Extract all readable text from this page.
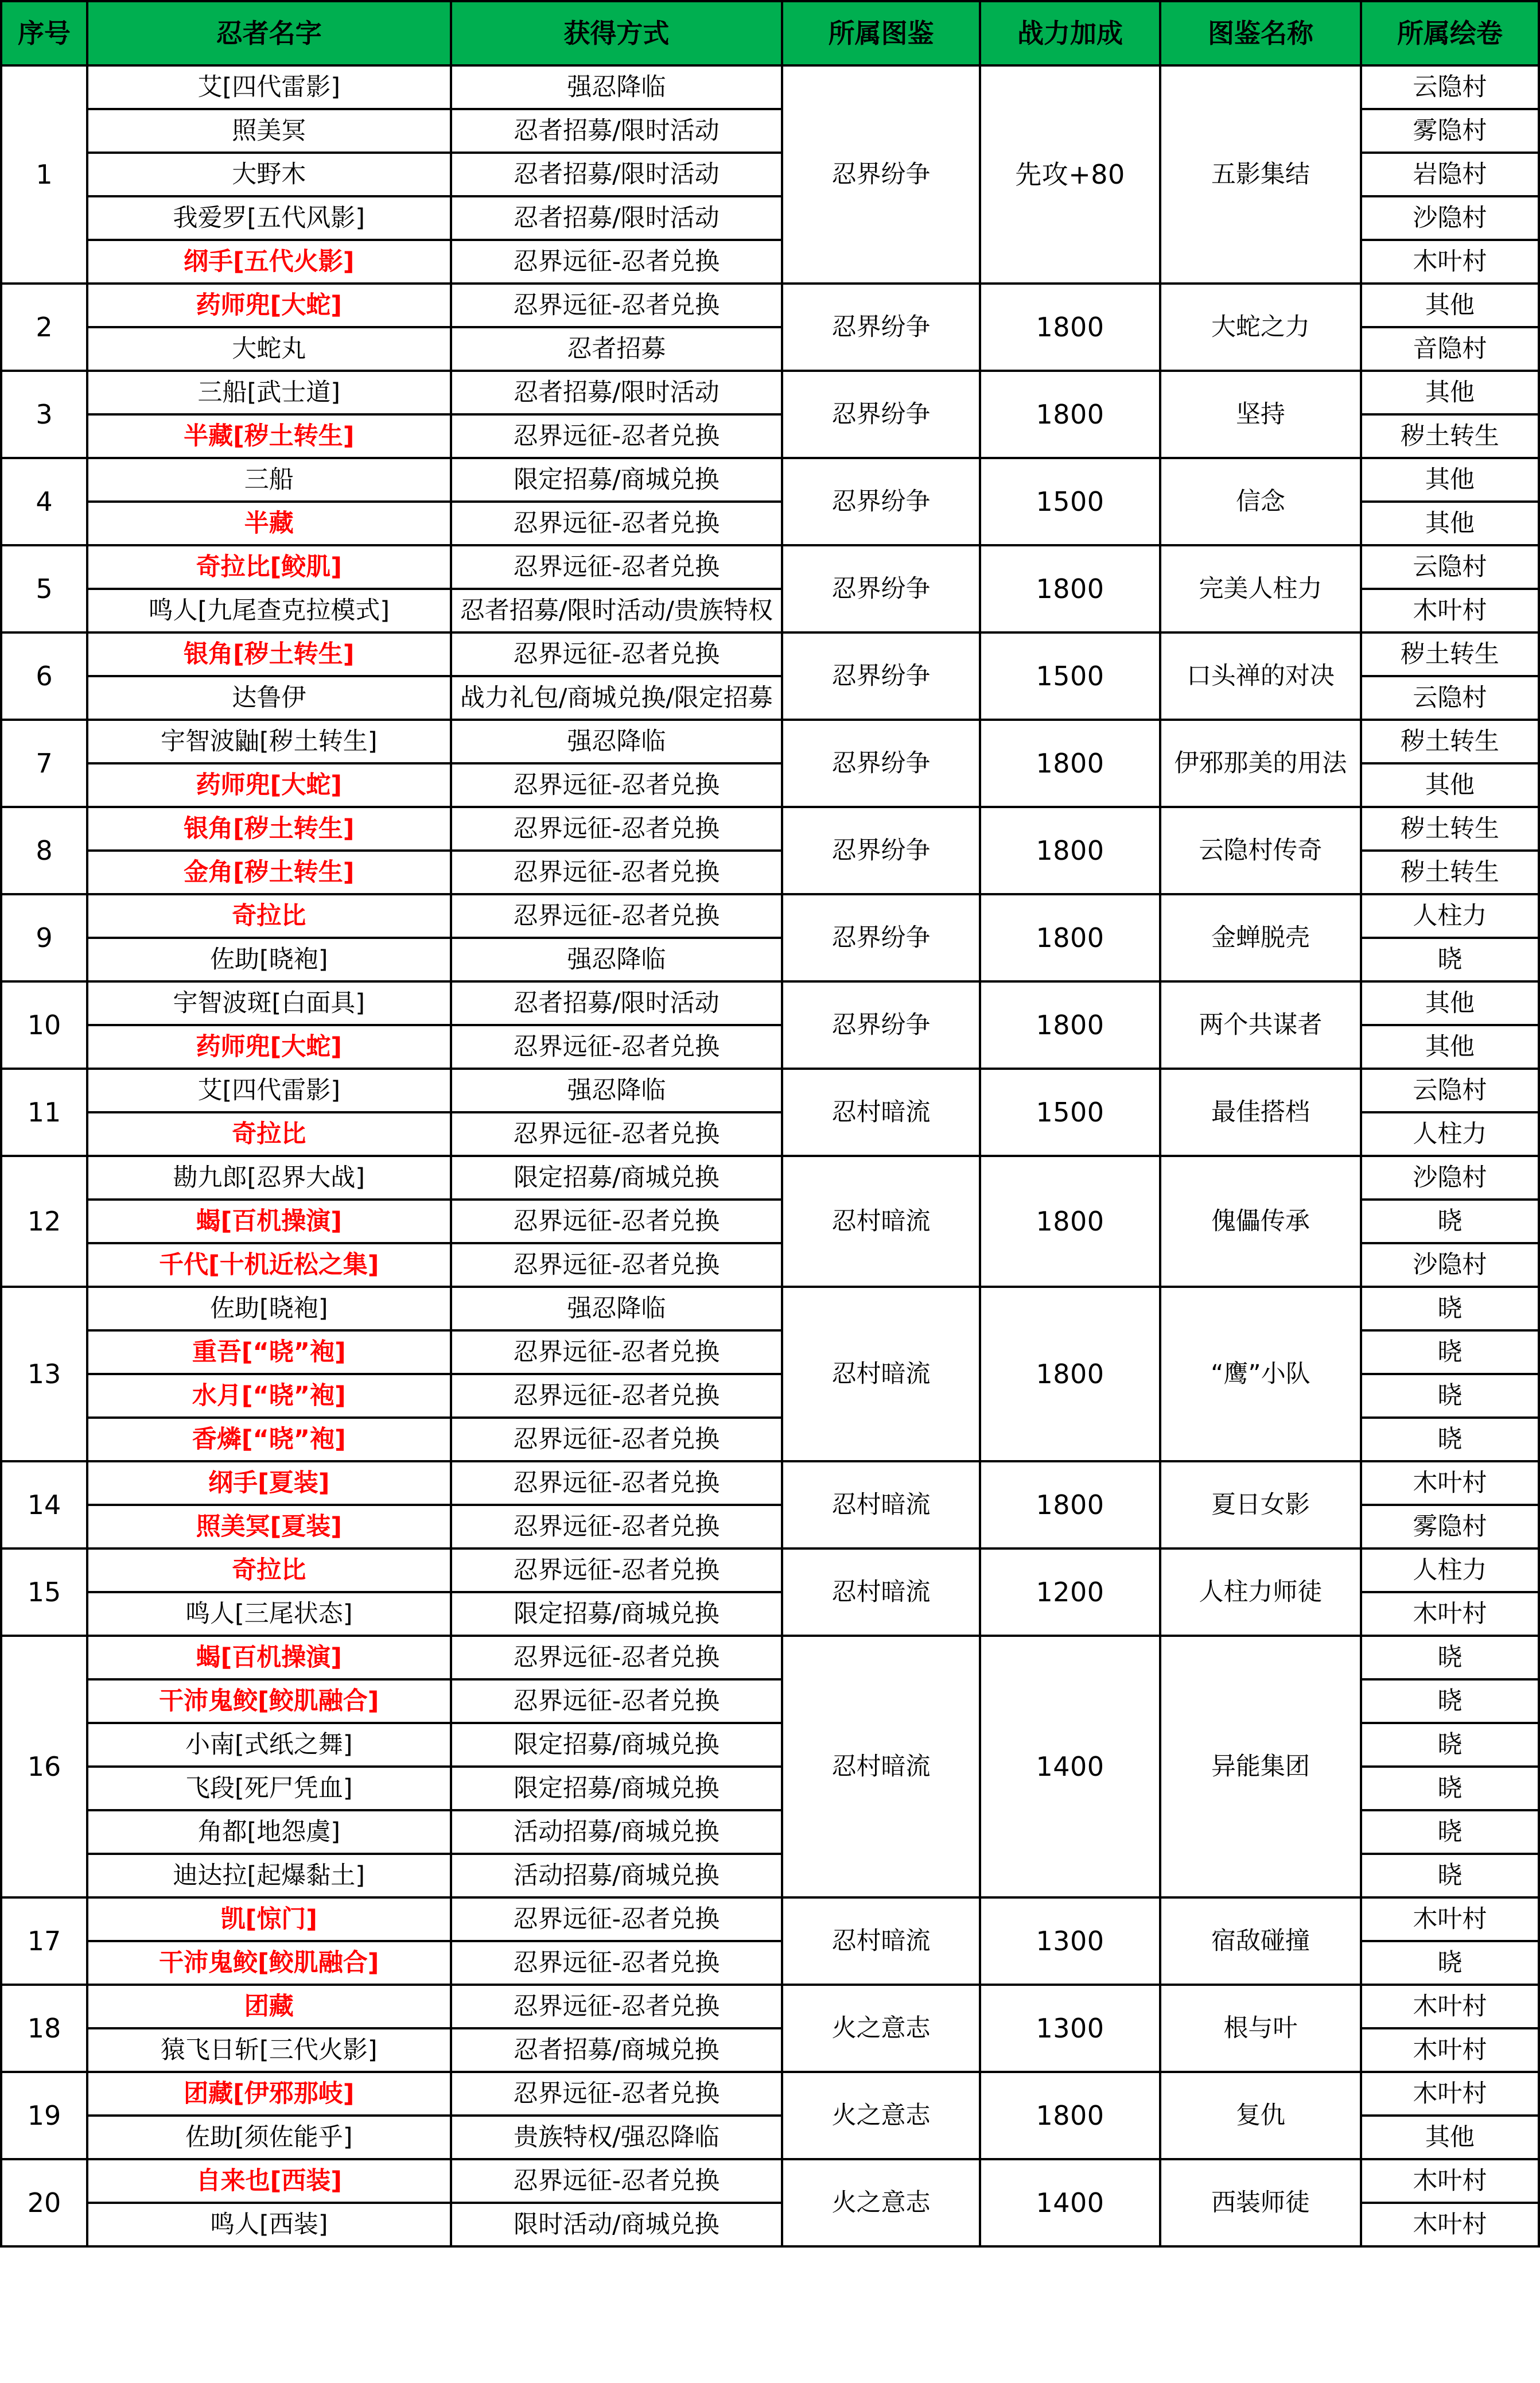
序号	忍者名字	获得方式	所属图鉴	战力加成	图鉴名称	所属绘卷
1	艾[四代雷影]	强忍降临	忍界纷争	先攻+80	五影集结	云隐村
	照美冥	忍者招募/限时活动				雾隐村
	大野木	忍者招募/限时活动				岩隐村
	我爱罗[五代风影]	忍者招募/限时活动				沙隐村
	纲手[五代火影]	忍界远征-忍者兑换				木叶村
2	药师兜[大蛇]	忍界远征-忍者兑换	忍界纷争	1800	大蛇之力	其他
	大蛇丸	忍者招募				音隐村
3	三船[武士道]	忍者招募/限时活动	忍界纷争	1800	坚持	其他
	半藏[秽土转生]	忍界远征-忍者兑换				秽土转生
4	三船	限定招募/商城兑换	忍界纷争	1500	信念	其他
	半藏	忍界远征-忍者兑换				其他
5	奇拉比[鲛肌]	忍界远征-忍者兑换	忍界纷争	1800	完美人柱力	云隐村
	鸣人[九尾查克拉模式]	忍者招募/限时活动/贵族特权				木叶村
6	银角[秽土转生]	忍界远征-忍者兑换	忍界纷争	1500	口头禅的对决	秽土转生
	达鲁伊	战力礼包/商城兑换/限定招募				云隐村
7	宇智波鼬[秽土转生]	强忍降临	忍界纷争	1800	伊邪那美的用法	秽土转生
	药师兜[大蛇]	忍界远征-忍者兑换				其他
8	银角[秽土转生]	忍界远征-忍者兑换	忍界纷争	1800	云隐村传奇	秽土转生
	金角[秽土转生]	忍界远征-忍者兑换				秽土转生
9	奇拉比	忍界远征-忍者兑换	忍界纷争	1800	金蝉脱壳	人柱力
	佐助[晓袍]	强忍降临				晓
10	宇智波斑[白面具]	忍者招募/限时活动	忍界纷争	1800	两个共谋者	其他
	药师兜[大蛇]	忍界远征-忍者兑换				其他
11	艾[四代雷影]	强忍降临	忍村暗流	1500	最佳搭档	云隐村
	奇拉比	忍界远征-忍者兑换				人柱力
12	勘九郎[忍界大战]	限定招募/商城兑换	忍村暗流	1800	傀儡传承	沙隐村
	蝎[百机操演]	忍界远征-忍者兑换				晓
	千代[十机近松之集]	忍界远征-忍者兑换				沙隐村
13	佐助[晓袍]	强忍降临	忍村暗流	1800	“鹰”小队	晓
	重吾[“晓”袍]	忍界远征-忍者兑换				晓
	水月[“晓”袍]	忍界远征-忍者兑换				晓
	香燐[“晓”袍]	忍界远征-忍者兑换				晓
14	纲手[夏装]	忍界远征-忍者兑换	忍村暗流	1800	夏日女影	木叶村
	照美冥[夏装]	忍界远征-忍者兑换				雾隐村
15	奇拉比	忍界远征-忍者兑换	忍村暗流	1200	人柱力师徒	人柱力
	鸣人[三尾状态]	限定招募/商城兑换				木叶村
16	蝎[百机操演]	忍界远征-忍者兑换	忍村暗流	1400	异能集团	晓
	干沛鬼鲛[鲛肌融合]	忍界远征-忍者兑换				晓
	小南[式纸之舞]	限定招募/商城兑换				晓
	飞段[死尸凭血]	限定招募/商城兑换				晓
	角都[地怨虞]	活动招募/商城兑换				晓
	迪达拉[起爆黏土]	活动招募/商城兑换				晓
17	凯[惊门]	忍界远征-忍者兑换	忍村暗流	1300	宿敌碰撞	木叶村
	干沛鬼鲛[鲛肌融合]	忍界远征-忍者兑换				晓
18	团藏	忍界远征-忍者兑换	火之意志	1300	根与叶	木叶村
	猿飞日斩[三代火影]	忍者招募/商城兑换				木叶村
19	团藏[伊邪那岐]	忍界远征-忍者兑换	火之意志	1800	复仇	木叶村
	佐助[须佐能乎]	贵族特权/强忍降临				其他
20	自来也[西装]	忍界远征-忍者兑换	火之意志	1400	西装师徒	木叶村
	鸣人[西装]	限时活动/商城兑换				木叶村
